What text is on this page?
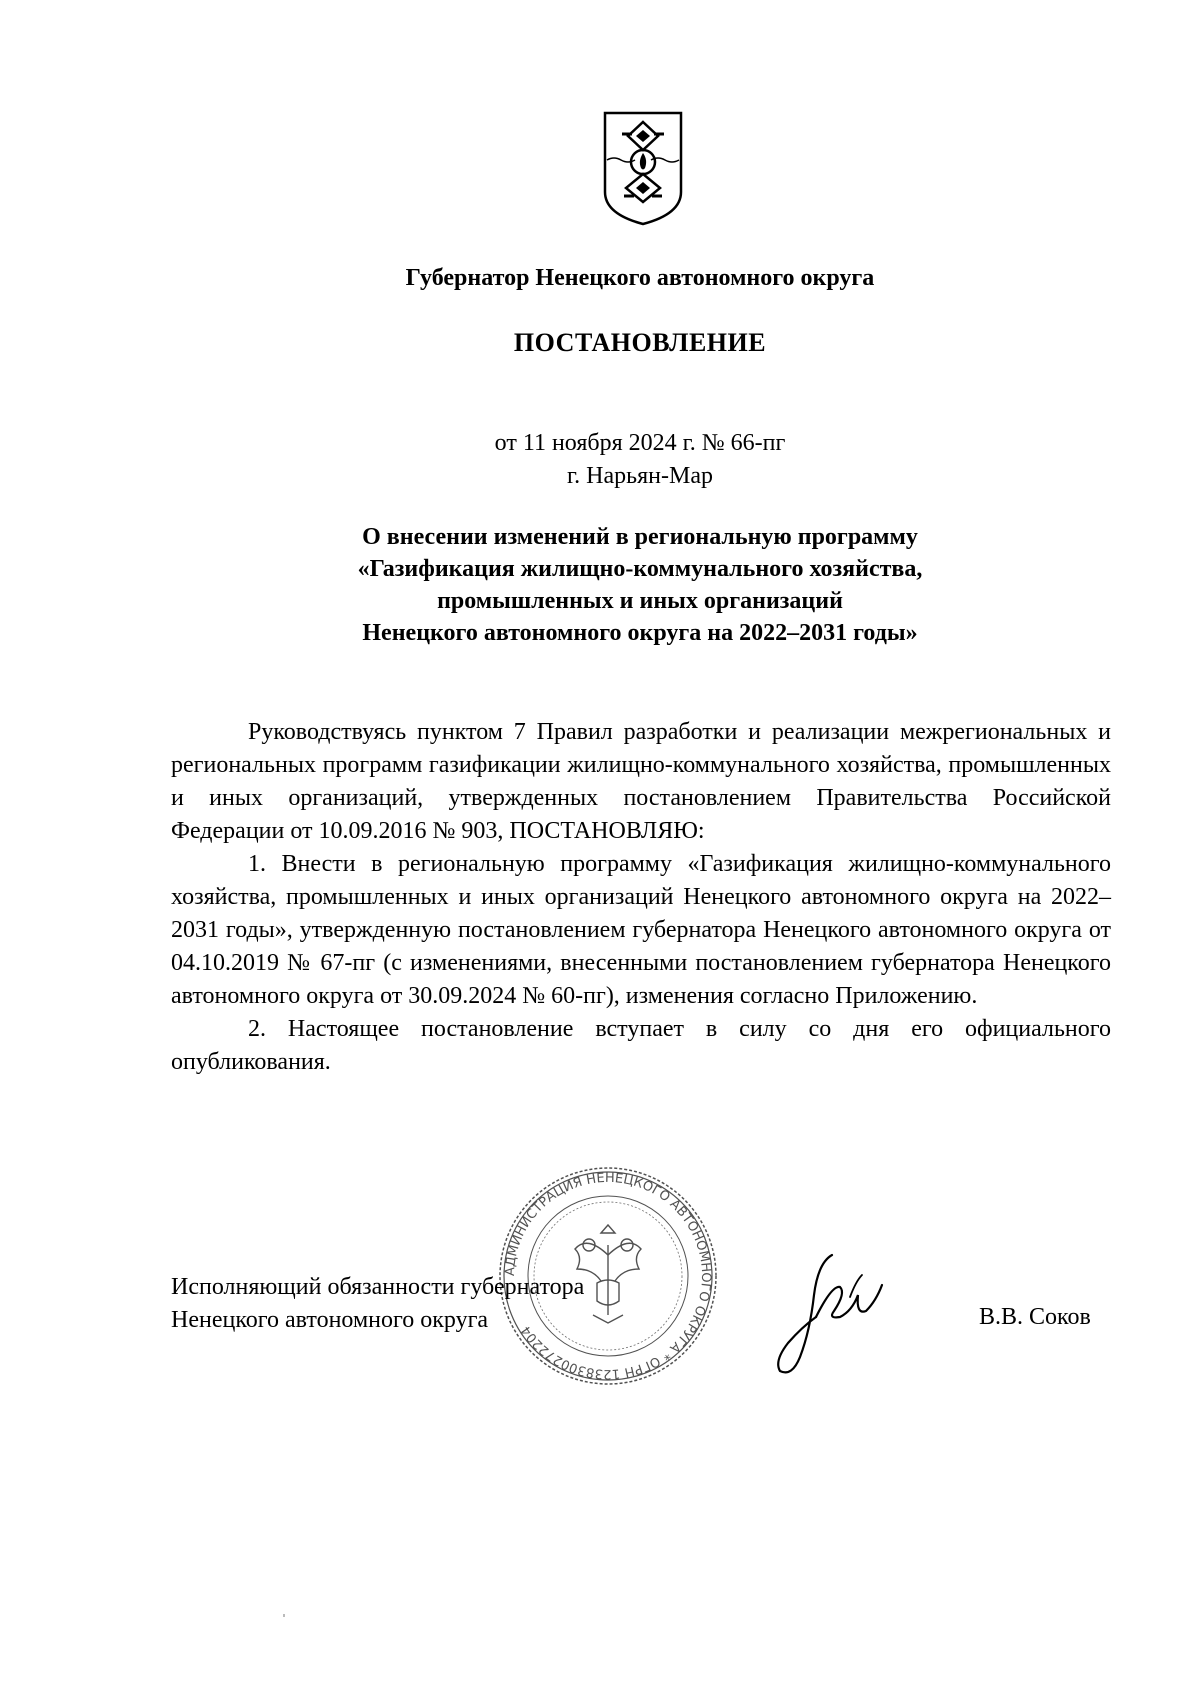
Губернатор Ненецкого автономного округа
ПОСТАНОВЛЕНИЕ
от 11 ноября 2024 г. № 66-пг
г. Нарьян-Мар
О внесении изменений в региональную программу
«Газификация жилищно-коммунального хозяйства,
промышленных и иных организаций
Ненецкого автономного округа на 2022–2031 годы»

Руководствуясь пунктом 7 Правил разработки и реализации межрегиональных и региональных программ газификации жилищно-коммунального хозяйства, промышленных и иных организаций, утвержденных постановлением Правительства Российской Федерации от 10.09.2016 № 903, ПОСТАНОВЛЯЮ:

1. Внести в региональную программу «Газификация жилищно-коммунального хозяйства, промышленных и иных организаций Ненецкого автономного округа на 2022–2031 годы», утвержденную постановлением губернатора Ненецкого автономного округа от 04.10.2019 № 67-пг (с изменениями, внесенными постановлением губернатора Ненецкого автономного округа от 30.09.2024 № 60-пг), изменения согласно Приложению.

2. Настоящее постановление вступает в силу со дня его официального опубликования.

АДМИНИСТРАЦИЯ НЕНЕЦКОГО АВТОНОМНОГО ОКРУГА * ОГРН 1238300272204
Исполняющий обязанности губернатора
Ненецкого автономного округа	В.В. Соков
